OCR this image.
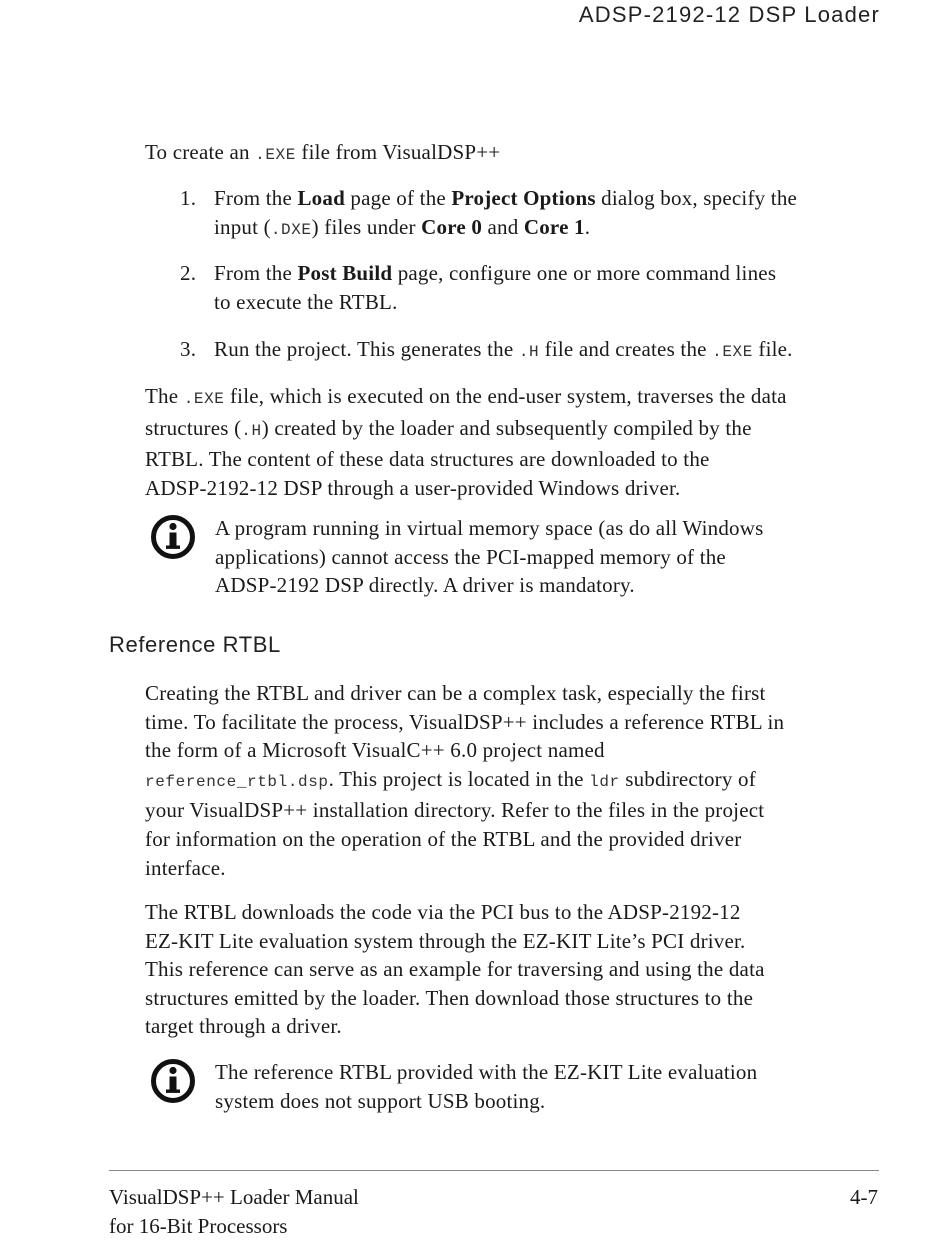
ADSP-2192-12 DSP Loader

To create an .EXE file from VisualDSP++

1. From the Load page of the Project Options dialog box, specify the

input (.DXE) files under Core 0 and Core 1.

2. From the Post Build page, configure one or more command lines

to execute the RTBL.

3. Run the project. This generates the .H file and creates the .EXE file.

The .EXE file, which is executed on the end-user system, traverses the data

structures (.H) created by the loader and subsequently compiled by the

RTBL. The content of these data structures are downloaded to the

ADSP-2192-12 DSP through a user-provided Windows driver.

A program running in virtual memory space (as do all Windows

applications) cannot access the PCI-mapped memory of the

ADSP-2192 DSP directly. A driver is mandatory.

Reference RTBL

Creating the RTBL and driver can be a complex task, especially the first

time. To facilitate the process, VisualDSP++ includes a reference RTBL in

the form of a Microsoft VisualC++ 6.0 project named

reference_rtbl.dsp. This project is located in the ldr subdirectory of

your VisualDSP++ installation directory. Refer to the files in the project

for information on the operation of the RTBL and the provided driver

interface.

The RTBL downloads the code via the PCI bus to the ADSP-2192-12

EZ-KIT Lite evaluation system through the EZ-KIT Lite’s PCI driver.

This reference can serve as an example for traversing and using the data

structures emitted by the loader. Then download those structures to the

target through a driver.

The reference RTBL provided with the EZ-KIT Lite evaluation

system does not support USB booting.

VisualDSP++ Loader Manual
for 16-Bit Processors
4-7
